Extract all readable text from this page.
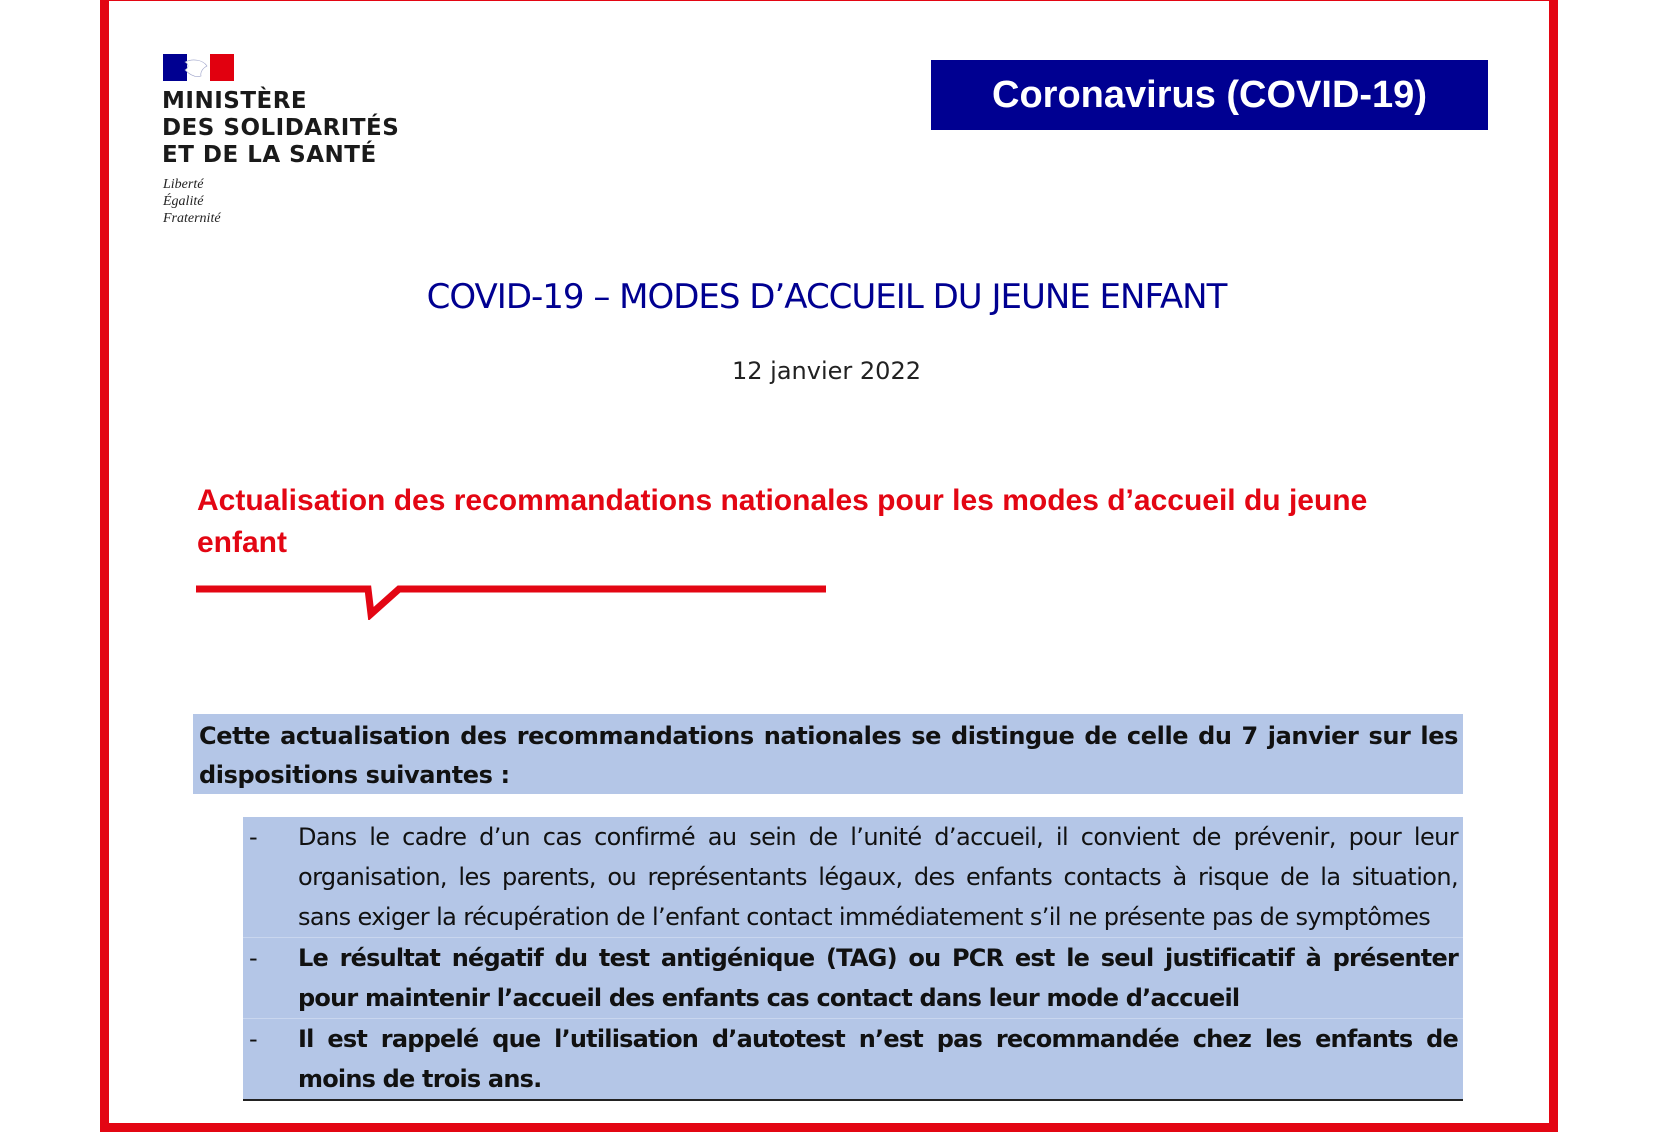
MINISTÈRE
DES SOLIDARITÉS
ET DE LA SANTÉ
Liberté
Égalité
Fraternité
Coronavirus (COVID-19)
COVID-19 – MODES D’ACCUEIL DU JEUNE ENFANT
12 janvier 2022
Actualisation des recommandations nationales pour les modes d’accueil du jeune enfant
Cette actualisation des recommandations nationales se distingue de celle du 7 janvier sur les dispositions suivantes :
-	Dans le cadre d’un cas confirmé au sein de l’unité d’accueil, il convient de prévenir, pour leur organisation, les parents, ou représentants légaux, des enfants contacts à risque de la situation, sans exiger la récupération de l’enfant contact immédiatement s’il ne présente pas de symptômes
-	Le résultat négatif du test antigénique (TAG) ou PCR est le seul justificatif à présenter pour maintenir l’accueil des enfants cas contact dans leur mode d’accueil
-	Il est rappelé que l’utilisation d’autotest n’est pas recommandée chez les enfants de moins de trois ans.
